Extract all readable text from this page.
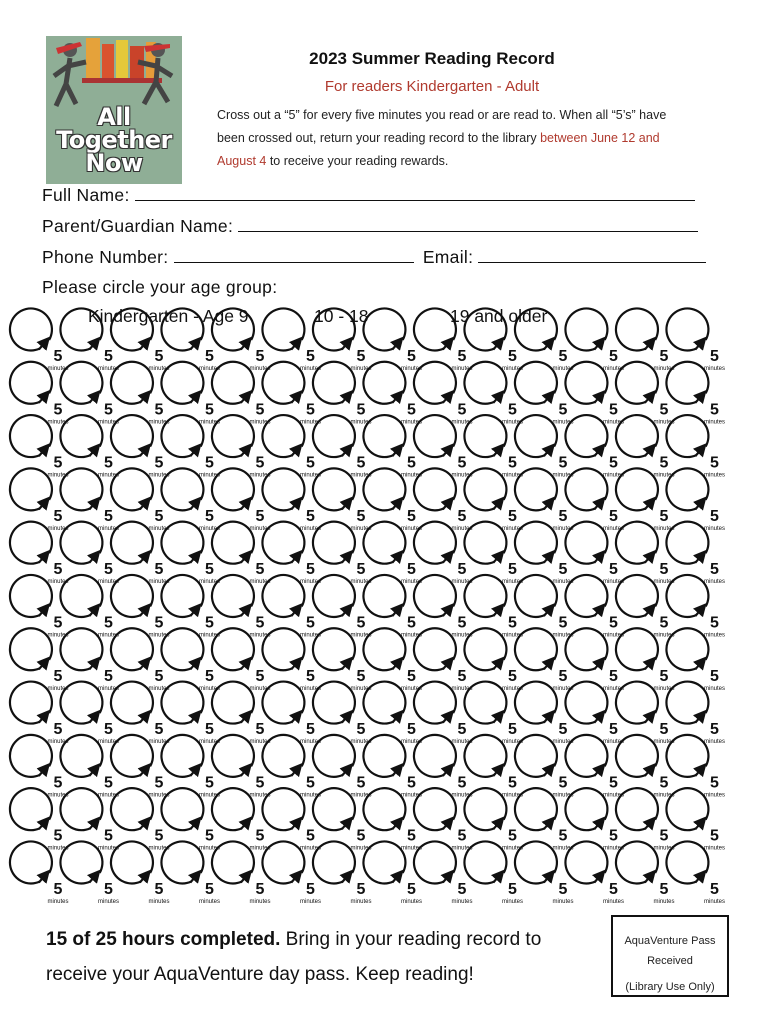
All
Together
Now
2023 Summer Reading Record
For readers Kindergarten - Adult
Cross out a “5” for every five minutes you read or are read to. When all “5’s” have been crossed out, return your reading record to the library between June 12 and August 4 to receive your reading rewards.
Full Name:
Parent/Guardian Name:
Phone Number:	Email:
Please circle your age group:
Kindergarten - Age 9	10 - 18	19 and older
5
minutes
5
minutes
5
minutes
5
minutes
5
minutes
5
minutes
5
minutes
5
minutes
5
minutes
5
minutes
5
minutes
5
minutes
5
minutes
5
minutes
5
minutes
5
minutes
5
minutes
5
minutes
5
minutes
5
minutes
5
minutes
5
minutes
5
minutes
5
minutes
5
minutes
5
minutes
5
minutes
5
minutes
5
minutes
5
minutes
5
minutes
5
minutes
5
minutes
5
minutes
5
minutes
5
minutes
5
minutes
5
minutes
5
minutes
5
minutes
5
minutes
5
minutes
5
minutes
5
minutes
5
minutes
5
minutes
5
minutes
5
minutes
5
minutes
5
minutes
5
minutes
5
minutes
5
minutes
5
minutes
5
minutes
5
minutes
5
minutes
5
minutes
5
minutes
5
minutes
5
minutes
5
minutes
5
minutes
5
minutes
5
minutes
5
minutes
5
minutes
5
minutes
5
minutes
5
minutes
5
minutes
5
minutes
5
minutes
5
minutes
5
minutes
5
minutes
5
minutes
5
minutes
5
minutes
5
minutes
5
minutes
5
minutes
5
minutes
5
minutes
5
minutes
5
minutes
5
minutes
5
minutes
5
minutes
5
minutes
5
minutes
5
minutes
5
minutes
5
minutes
5
minutes
5
minutes
5
minutes
5
minutes
5
minutes
5
minutes
5
minutes
5
minutes
5
minutes
5
minutes
5
minutes
5
minutes
5
minutes
5
minutes
5
minutes
5
minutes
5
minutes
5
minutes
5
minutes
5
minutes
5
minutes
5
minutes
5
minutes
5
minutes
5
minutes
5
minutes
5
minutes
5
minutes
5
minutes
5
minutes
5
minutes
5
minutes
5
minutes
5
minutes
5
minutes
5
minutes
5
minutes
5
minutes
5
minutes
5
minutes
5
minutes
5
minutes
5
minutes
5
minutes
5
minutes
5
minutes
5
minutes
5
minutes
5
minutes
5
minutes
5
minutes
5
minutes
5
minutes
5
minutes
5
minutes
5
minutes
5
minutes
5
minutes
5
minutes
5
minutes
15 of 25 hours completed. Bring in your reading record to receive your AquaVenture day pass. Keep reading!
AquaVenture Pass
Received
(Library Use Only)
